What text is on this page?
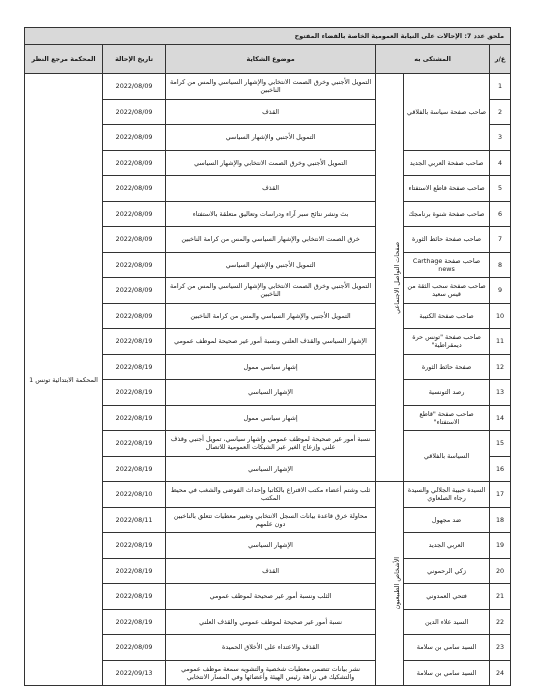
ملحق عدد 7: الإحالات على النيابة العمومية الخاصة بالفضاء المفتوح					
ع/ر	المشتكى به		موضوع الشكاية	تاريخ الإحالة	المحكمة مرجع النظر
1	صاحب صفحة سياسة بالفلاقي	صفحات التواصل الاجتماعي	التمويل الأجنبي وخرق الصمت الانتخابي والإشهار السياسي والمس من كرامة الناخبين	2022/08/09	المحكمة الابتدائية تونس 1
2			القذف	2022/08/09	
3			التمويل الأجنبي والإشهار السياسي	2022/08/09	
4	صاحب صفحة العربي الجديد		التمويل الأجنبي وخرق الصمت الانتخابي والإشهار السياسي	2022/08/09	
5	صاحب صفحة قاطع الاستفتاء		القذف	2022/08/09	
6	صاحب صفحة شنوة برنامجك		بث ونشر نتائج سبر آراء ودراسات وتعاليق متعلقة بالاستفتاء	2022/08/09	
7	صاحب صفحة حائط الثورة		خرق الصمت الانتخابي والإشهار السياسي والمس من كرامة الناخبين	2022/08/09	
8	صاحب صفحة Carthage news		التمويل الأجنبي والإشهار السياسي	2022/08/09	
9	صاحب صفحة سحب الثقة من قيس سعيد		التمويل الأجنبي وخرق الصمت الانتخابي والإشهار السياسي والمس من كرامة الناخبين	2022/08/09	
10	صاحب صفحة الكتيبة		التمويل الأجنبي والإشهار السياسي والمس من كرامة الناخبين	2022/08/09	
11	صاحب صفحة "تونس حرة ديمقراطية"		الإشهار السياسي والقذف العلني ونسبة أمور غير صحيحة لموظف عمومي	2022/08/19	
12	صفحة حائط الثورة		إشهار سياسي ممول	2022/08/19	
13	رصد التونسية		الإشهار السياسي	2022/08/19	
14	صاحب صفحة "قاطع الاستفتاء"		إشهار سياسي ممول	2022/08/19	
15	السياسة بالفلاقي		نسبة أمور غير صحيحة لموظف عمومي وإشهار سياسي، تمويل أجنبي وقذف علني وإزعاج الغير عبر الشبكات العمومية للاتصال	2022/08/19	
16			الإشهار السياسي	2022/08/19	
17	السيدة حبيبة الجلالي والسيدة رجاء الصلعاوي	الأشخاص الطبيعيون	ثلب وشتم أعضاء مكتب الاقتراع بالكاتبا وإحداث الفوضى والشغب في محيط المكتب	2022/08/10	
18	ضد مجهول		محاولة خرق قاعدة بيانات السجل الانتخابي وتغيير معطيات تتعلق بالناخبين دون علمهم	2022/08/11	
19	العربي الجديد		الإشهار السياسي	2022/08/19	
20	زكي الرحموني		القذف	2022/08/19	
21	فتحي العمدوني		الثلب ونسبة أمور غير صحيحة لموظف عمومي	2022/08/19	
22	السيد علاء الدين		نسبة أمور غير صحيحة لموظف عمومي والقذف العلني	2022/08/19	
23	السيد سامي بن سلامة		القذف والاعتداء على الأخلاق الحميدة	2022/08/09	
24	السيد سامي بن سلامة		نشر بيانات تتضمن معطيات شخصية والتشويه سمعة موظف عمومي والتشكيك في نزاهة رئيس الهيئة وأعضائها وفي المسار الانتخابي	2022/09/13	
